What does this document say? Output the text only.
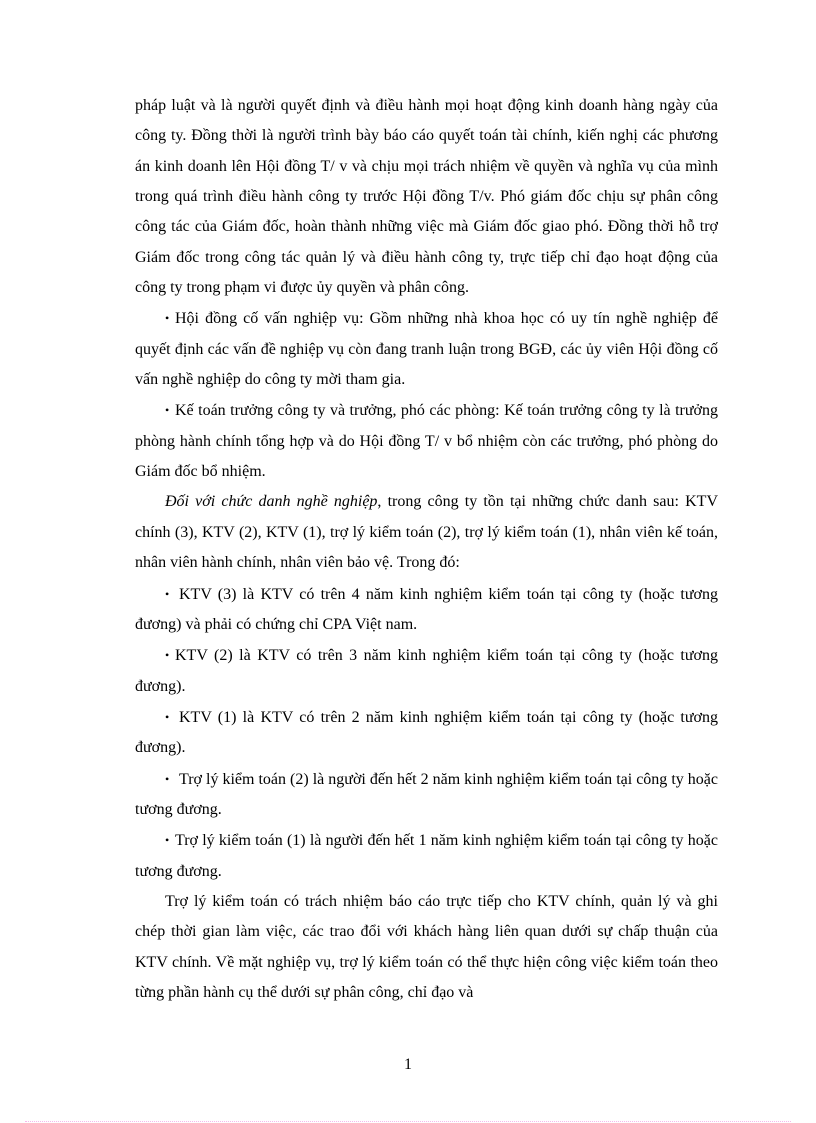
pháp luật và là người quyết định và điều hành mọi hoạt động kinh doanh hàng ngày của công ty. Đồng thời là người trình bày báo cáo quyết toán tài chính, kiến nghị các phương án kinh doanh lên Hội đồng T/ v và chịu mọi trách nhiệm về quyền và nghĩa vụ của mình trong quá trình điều hành công ty trước Hội đồng T/v. Phó giám đốc chịu sự phân công công tác của Giám đốc, hoàn thành những việc mà Giám đốc giao phó. Đồng thời hỗ trợ Giám đốc trong công tác quản lý và điều hành công ty, trực tiếp chỉ đạo hoạt động của công ty trong phạm vi được ủy quyền và phân công.

• Hội đồng cố vấn nghiệp vụ: Gồm những nhà khoa học có uy tín nghề nghiệp để quyết định các vấn đề nghiệp vụ còn đang tranh luận trong BGĐ, các ủy viên Hội đồng cố vấn nghề nghiệp do công ty mời tham gia.

• Kế toán trưởng công ty và trưởng, phó các phòng: Kế toán trưởng công ty là trưởng phòng hành chính tổng hợp và do Hội đồng T/ v bổ nhiệm còn các trưởng, phó phòng do Giám đốc bổ nhiệm.

Đối với chức danh nghề nghiệp, trong công ty tồn tại những chức danh sau: KTV chính (3), KTV (2), KTV (1), trợ lý kiểm toán (2), trợ lý kiểm toán (1), nhân viên kế toán, nhân viên hành chính, nhân viên bảo vệ. Trong đó:

• KTV (3) là KTV có trên 4 năm kinh nghiệm kiểm toán tại công ty (hoặc tương đương) và phải có chứng chỉ CPA Việt nam.

• KTV (2) là KTV có trên 3 năm kinh nghiệm kiểm toán tại công ty (hoặc tương đương).

• KTV (1) là KTV có trên 2 năm kinh nghiệm kiểm toán tại công ty (hoặc tương đương).

• Trợ lý kiểm toán (2) là người đến hết 2 năm kinh nghiệm kiểm toán tại công ty hoặc tương đương.

• Trợ lý kiểm toán (1) là người đến hết 1 năm kinh nghiệm kiểm toán tại công ty hoặc tương đương.

Trợ lý kiểm toán có trách nhiệm báo cáo trực tiếp cho KTV chính, quản lý và ghi chép thời gian làm việc, các trao đổi với khách hàng liên quan dưới sự chấp thuận của KTV chính. Về mặt nghiệp vụ, trợ lý kiểm toán có thể thực hiện công việc kiểm toán theo từng phần hành cụ thể dưới sự phân công, chỉ đạo và

1
